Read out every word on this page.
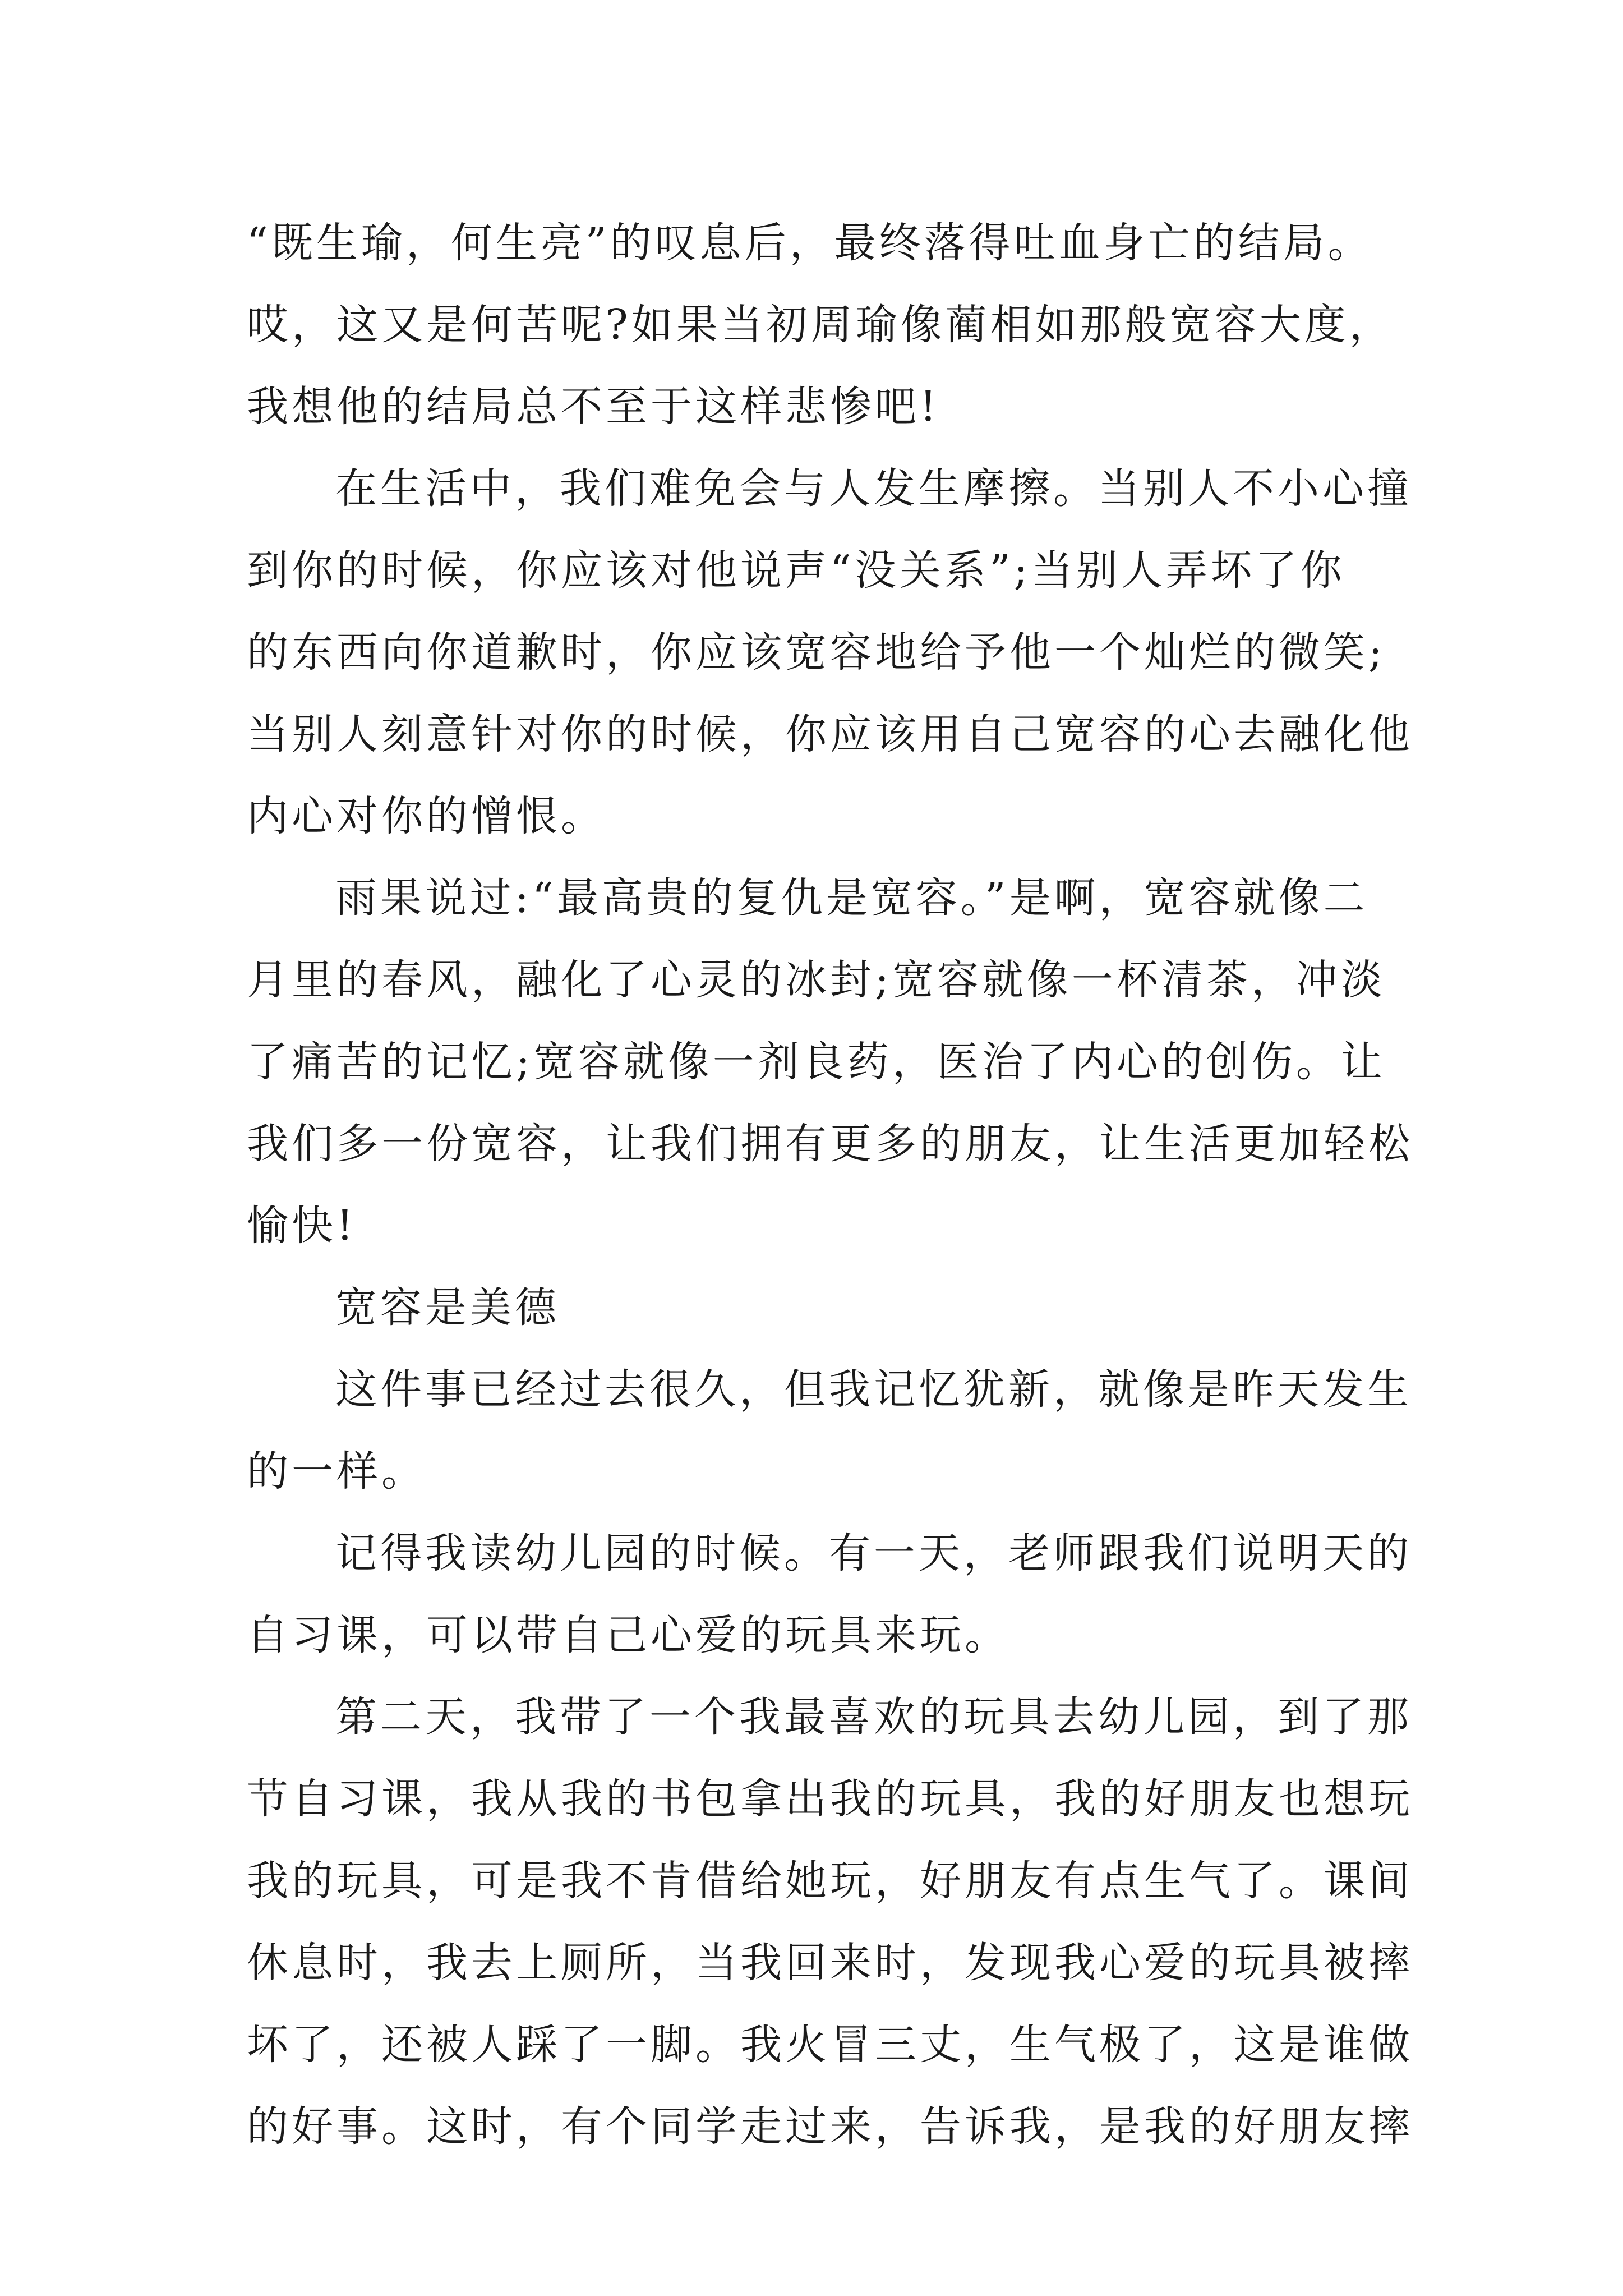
“既生瑜，何生亮”的叹息后，最终落得吐血身亡的结局。
哎，这又是何苦呢?如果当初周瑜像蔺相如那般宽容大度，
我想他的结局总不至于这样悲惨吧!
在生活中，我们难免会与人发生摩擦。当别人不小心撞
到你的时候，你应该对他说声“没关系”;当别人弄坏了你
的东西向你道歉时，你应该宽容地给予他一个灿烂的微笑;
当别人刻意针对你的时候，你应该用自己宽容的心去融化他
内心对你的憎恨。
雨果说过:“最高贵的复仇是宽容。”是啊，宽容就像二
月里的春风，融化了心灵的冰封;宽容就像一杯清茶，冲淡
了痛苦的记忆;宽容就像一剂良药，医治了内心的创伤。让
我们多一份宽容，让我们拥有更多的朋友，让生活更加轻松
愉快!
宽容是美德
这件事已经过去很久，但我记忆犹新，就像是昨天发生
的一样。
记得我读幼儿园的时候。有一天，老师跟我们说明天的
自习课，可以带自己心爱的玩具来玩。
第二天，我带了一个我最喜欢的玩具去幼儿园，到了那
节自习课，我从我的书包拿出我的玩具，我的好朋友也想玩
我的玩具，可是我不肯借给她玩，好朋友有点生气了。课间
休息时，我去上厕所，当我回来时，发现我心爱的玩具被摔
坏了，还被人踩了一脚。我火冒三丈，生气极了，这是谁做
的好事。这时，有个同学走过来，告诉我，是我的好朋友摔
